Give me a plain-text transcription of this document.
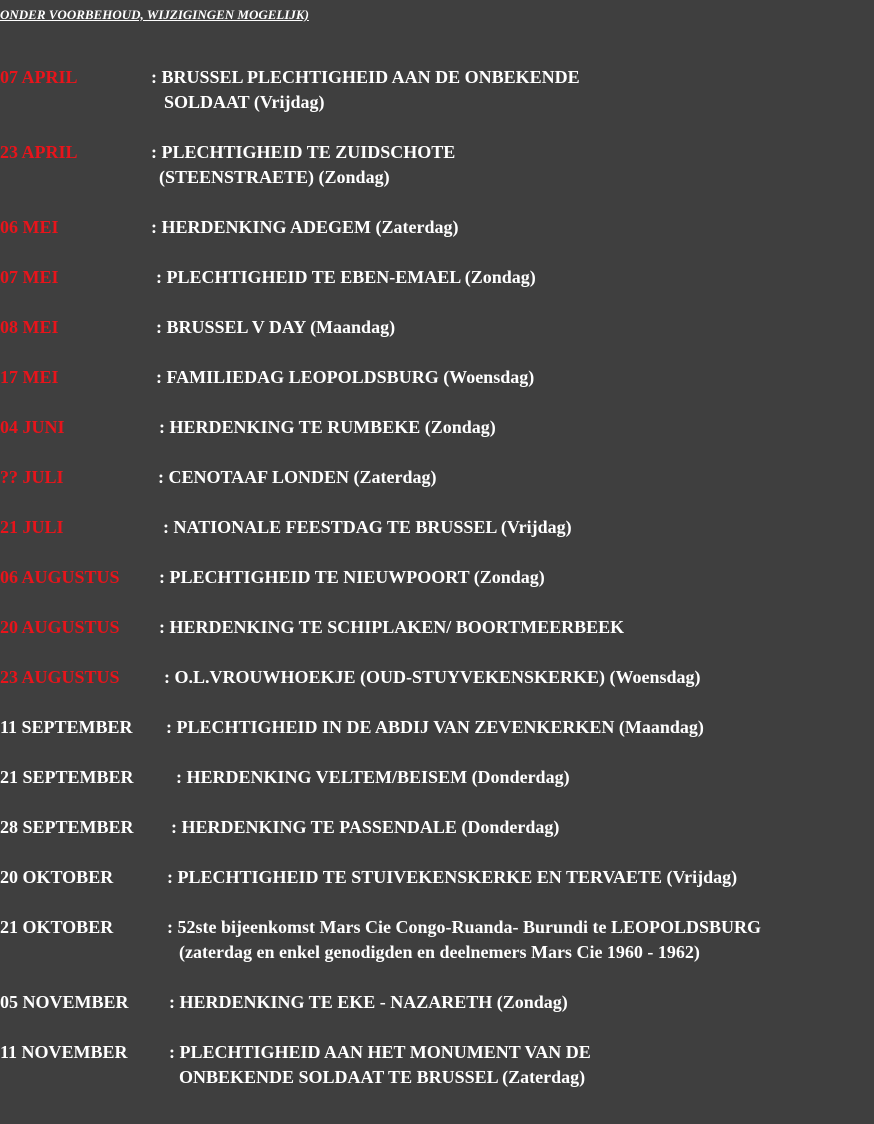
ONDER VOORBEHOUD, WIJZIGINGEN MOGELIJK)
07 APRIL	: BRUSSEL PLECHTIGHEID AAN DE ONBEKENDE
SOLDAAT (Vrijdag)
23 APRIL	: PLECHTIGHEID TE ZUIDSCHOTE
(STEENSTRAETE) (Zondag)
06 MEI	: HERDENKING ADEGEM (Zaterdag)
07 MEI	: PLECHTIGHEID TE EBEN-EMAEL (Zondag)
08 MEI	: BRUSSEL V DAY (Maandag)
17 MEI	: FAMILIEDAG LEOPOLDSBURG (Woensdag)
04 JUNI	: HERDENKING TE RUMBEKE (Zondag)
?? JULI	: CENOTAAF LONDEN (Zaterdag)
21 JULI	: NATIONALE FEESTDAG TE BRUSSEL (Vrijdag)
06 AUGUSTUS : PLECHTIGHEID TE NIEUWPOORT (Zondag)
20 AUGUSTUS : HERDENKING TE SCHIPLAKEN/ BOORTMEERBEEK
23 AUGUSTUS : O.L.VROUWHOEKJE (OUD-STUYVEKENSKERKE) (Woensdag)
11 SEPTEMBER : PLECHTIGHEID IN DE ABDIJ VAN ZEVENKERKEN (Maandag)
21 SEPTEMBER : HERDENKING VELTEM/BEISEM (Donderdag)
28 SEPTEMBER : HERDENKING TE PASSENDALE (Donderdag)
20 OKTOBER	: PLECHTIGHEID TE STUIVEKENSKERKE EN TERVAETE (Vrijdag)
21 OKTOBER	: 52ste bijeenkomst Mars Cie Congo-Ruanda- Burundi te LEOPOLDSBURG
(zaterdag en enkel genodigden en deelnemers Mars Cie 1960 - 1962)
05 NOVEMBER : HERDENKING TE EKE - NAZARETH (Zondag)
11 NOVEMBER : PLECHTIGHEID AAN HET MONUMENT VAN DE
ONBEKENDE SOLDAAT TE BRUSSEL (Zaterdag)
